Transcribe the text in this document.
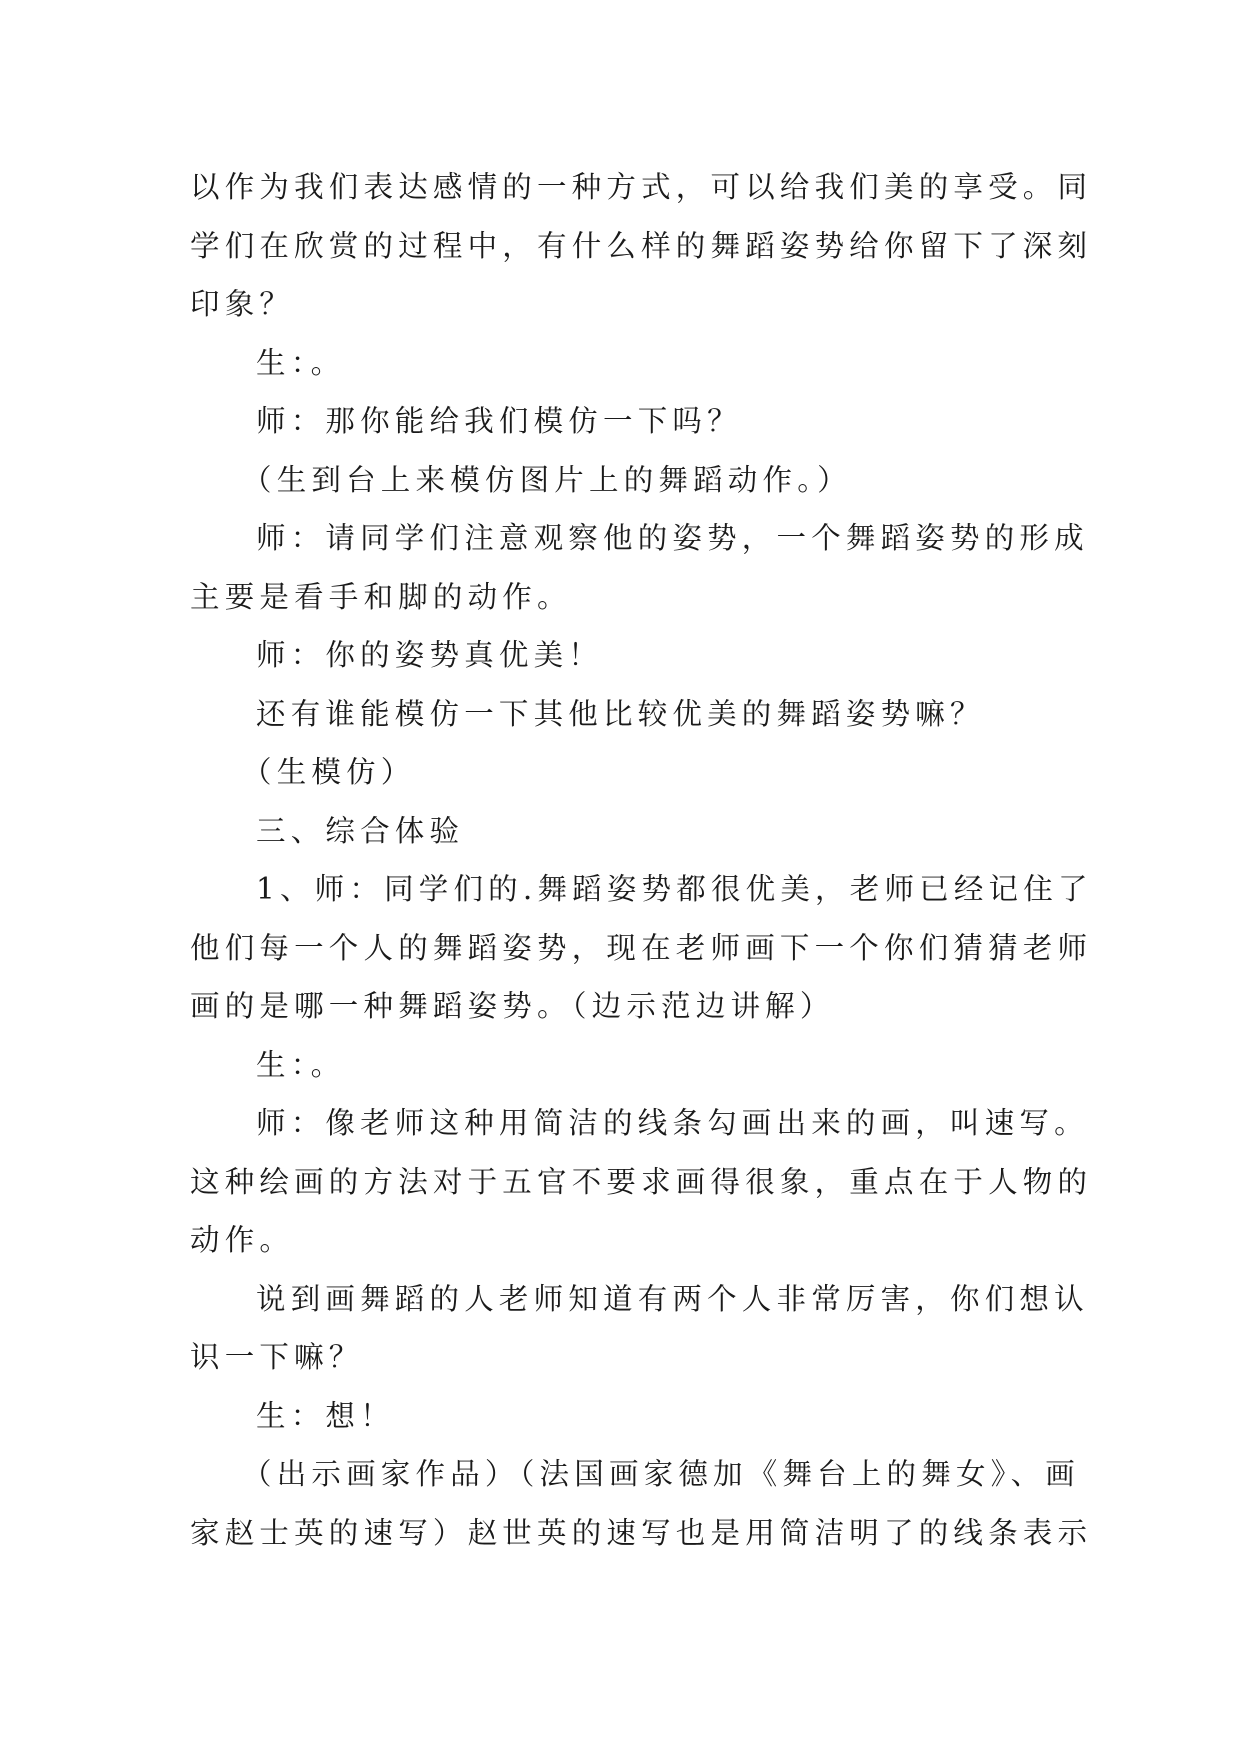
以作为我们表达感情的一种方式，可以给我们美的享受。同

学们在欣赏的过程中，有什么样的舞蹈姿势给你留下了深刻

印象？

生：。

师：那你能给我们模仿一下吗？

（生到台上来模仿图片上的舞蹈动作。）

师：请同学们注意观察他的姿势，一个舞蹈姿势的形成

主要是看手和脚的动作。

师：你的姿势真优美！

还有谁能模仿一下其他比较优美的舞蹈姿势嘛？

（生模仿）

三、综合体验

1、师：同学们的.舞蹈姿势都很优美，老师已经记住了

他们每一个人的舞蹈姿势，现在老师画下一个你们猜猜老师

画的是哪一种舞蹈姿势。（边示范边讲解）

生：。

师：像老师这种用简洁的线条勾画出来的画，叫速写。

这种绘画的方法对于五官不要求画得很象，重点在于人物的

动作。

说到画舞蹈的人老师知道有两个人非常厉害，你们想认

识一下嘛？

生：想！

（出示画家作品）（法国画家德加《舞台上的舞女》、画

家赵士英的速写）赵世英的速写也是用简洁明了的线条表示
